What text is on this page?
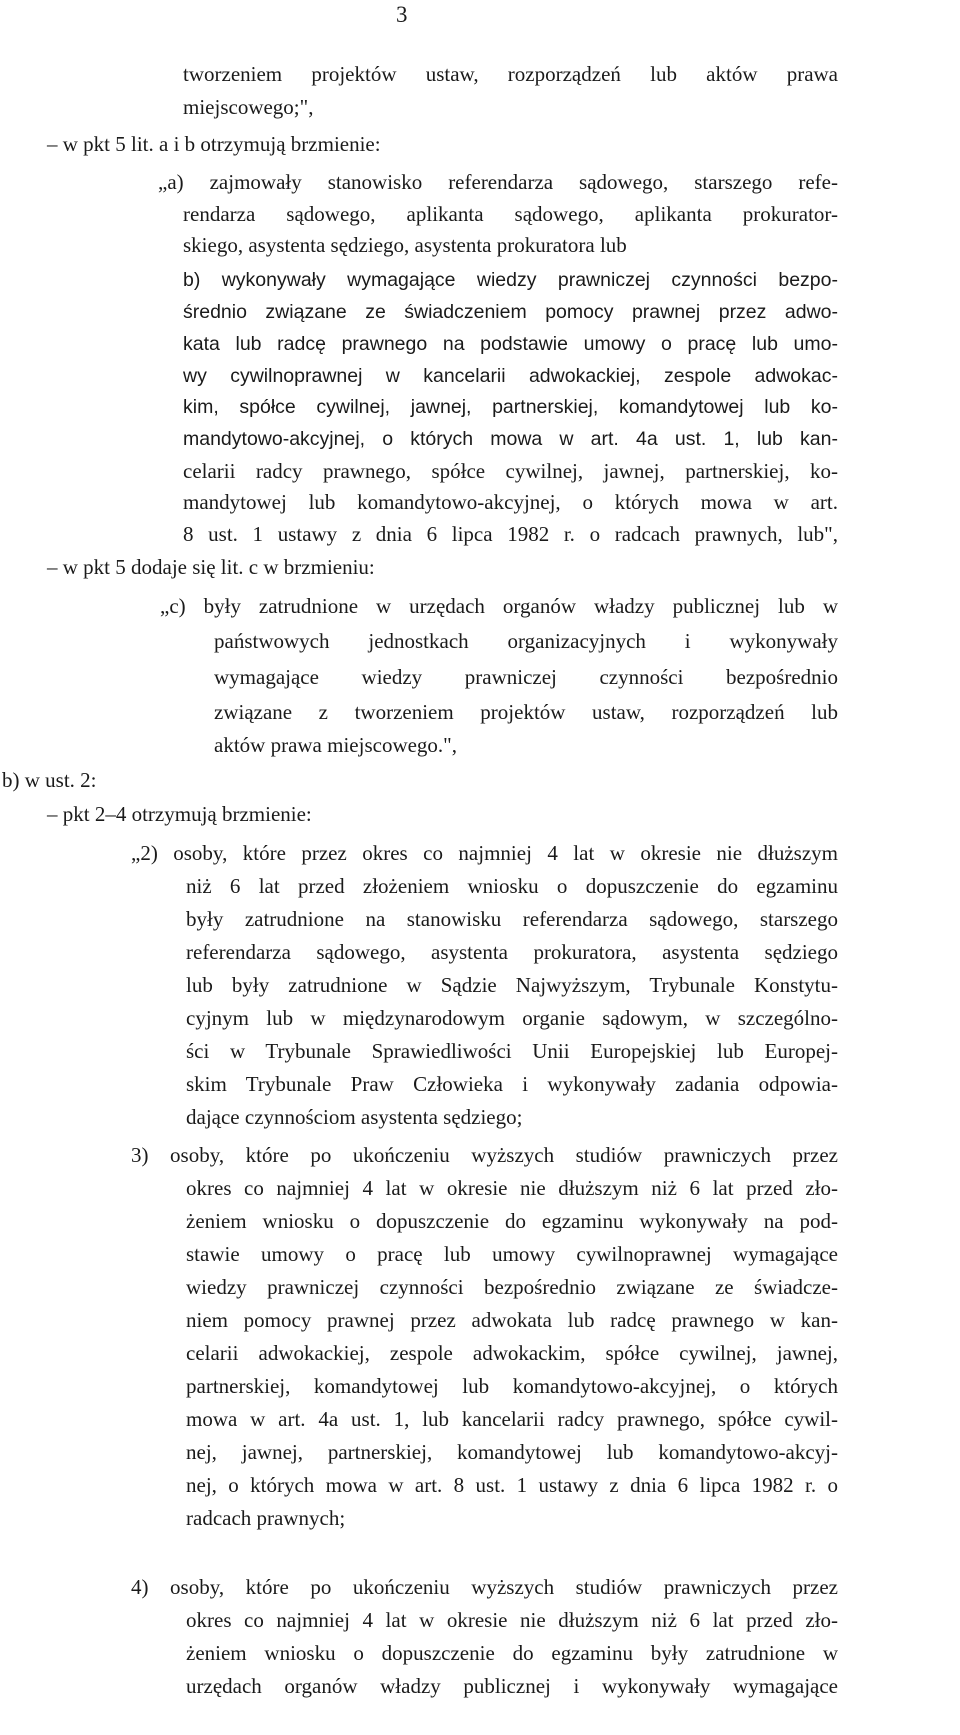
3
tworzeniem projektów ustaw, rozporządzeń lub aktów prawa
miejscowego;",
– w pkt 5 lit. a i b otrzymują brzmienie:
„a) zajmowały stanowisko referendarza sądowego, starszego refe-
rendarza sądowego, aplikanta sądowego, aplikanta prokurator-
skiego, asystenta sędziego, asystenta prokuratora lub
b) wykonywały wymagające wiedzy prawniczej czynności bezpo-
średnio związane ze świadczeniem pomocy prawnej przez adwo-
kata lub radcę prawnego na podstawie umowy o pracę lub umo-
wy cywilnoprawnej w kancelarii adwokackiej, zespole adwokac-
kim, spółce cywilnej, jawnej, partnerskiej, komandytowej lub ko-
mandytowo-akcyjnej, o których mowa w art. 4a ust. 1, lub kan-
celarii radcy prawnego, spółce cywilnej, jawnej, partnerskiej, ko-
mandytowej lub komandytowo-akcyjnej, o których mowa w art.
8 ust. 1 ustawy z dnia 6 lipca 1982 r. o radcach prawnych, lub",
– w pkt 5 dodaje się lit. c w brzmieniu:
„c) były zatrudnione w urzędach organów władzy publicznej lub w
państwowych jednostkach organizacyjnych i wykonywały
wymagające wiedzy prawniczej czynności bezpośrednio
związane z tworzeniem projektów ustaw, rozporządzeń lub
aktów prawa miejscowego.",
b) w ust. 2:
– pkt 2–4 otrzymują brzmienie:
„2) osoby, które przez okres co najmniej 4 lat w okresie nie dłuższym
niż 6 lat przed złożeniem wniosku o dopuszczenie do egzaminu
były zatrudnione na stanowisku referendarza sądowego, starszego
referendarza sądowego, asystenta prokuratora, asystenta sędziego
lub były zatrudnione w Sądzie Najwyższym, Trybunale Konstytu-
cyjnym lub w międzynarodowym organie sądowym, w szczególno-
ści w Trybunale Sprawiedliwości Unii Europejskiej lub Europej-
skim Trybunale Praw Człowieka i wykonywały zadania odpowia-
dające czynnościom asystenta sędziego;
3) osoby, które po ukończeniu wyższych studiów prawniczych przez
okres co najmniej 4 lat w okresie nie dłuższym niż 6 lat przed zło-
żeniem wniosku o dopuszczenie do egzaminu wykonywały na pod-
stawie umowy o pracę lub umowy cywilnoprawnej wymagające
wiedzy prawniczej czynności bezpośrednio związane ze świadcze-
niem pomocy prawnej przez adwokata lub radcę prawnego w kan-
celarii adwokackiej, zespole adwokackim, spółce cywilnej, jawnej,
partnerskiej, komandytowej lub komandytowo-akcyjnej, o których
mowa w art. 4a ust. 1, lub kancelarii radcy prawnego, spółce cywil-
nej, jawnej, partnerskiej, komandytowej lub komandytowo-akcyj-
nej, o których mowa w art. 8 ust. 1 ustawy z dnia 6 lipca 1982 r. o
radcach prawnych;
4) osoby, które po ukończeniu wyższych studiów prawniczych przez
okres co najmniej 4 lat w okresie nie dłuższym niż 6 lat przed zło-
żeniem wniosku o dopuszczenie do egzaminu były zatrudnione w
urzędach organów władzy publicznej i wykonywały wymagające
